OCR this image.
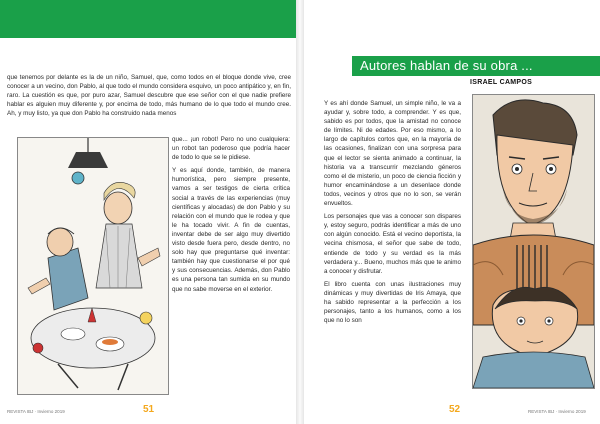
que tenemos por delante es la de un niño, Samuel, que, como todos en el bloque donde vive, cree conocer a un vecino, don Pablo, al que todo el mundo considera esquivo, un poco antipático y, en fin, raro. La cuestión es que, por puro azar, Samuel descubre que ese señor con el que nadie prefiere hablar es alguien muy diferente y, por encima de todo, más humano de lo que todo el mundo cree. Ah, y muy listo, ya que don Pablo ha construido nada menos

que... ¡un robot! Pero no uno cualquiera: un robot tan poderoso que podría hacer de todo lo que se le pidiese.

Y es aquí donde, también, de manera humorística, pero siempre presente, vamos a ser testigos de cierta crítica social a través de las experiencias (muy científicas y alocadas) de don Pablo y su relación con el mundo que le rodea y que le ha tocado vivir. A fin de cuentas, inventar debe de ser algo muy divertido visto desde fuera pero, desde dentro, no solo hay que preguntarse qué inventar: también hay que cuestionarse el por qué y sus consecuencias. Además, don Pablo es una persona tan sumida en su mundo que no sabe moverse en el exterior.

REVISTA IBJ · Invierno 2019	51
Autores hablan de su obra ...
ISRAEL CAMPOS

Y es ahí donde Samuel, un simple niño, le va a ayudar y, sobre todo, a comprender. Y es que, sabido es por todos, que la amistad no conoce de límites. Ni de edades. Por eso mismo, a lo largo de capítulos cortos que, en la mayoría de las ocasiones, finalizan con una sorpresa para que el lector se sienta animado a continuar, la historia va a transcurrir mezclando géneros como el de misterio, un poco de ciencia ficción y humor encaminándose a un desenlace donde todos, vecinos y otros que no lo son, se verán envueltos.

Los personajes que vas a conocer son dispares y, estoy seguro, podrás identificar a más de uno con algún conocido. Está el vecino deportista, la vecina chismosa, el señor que sabe de todo, entiende de todo y su verdad es la más verdadera y... Bueno, muchos más que te animo a conocer y disfrutar.

El libro cuenta con unas ilustraciones muy dinámicas y muy divertidas de Iris Amaya, que ha sabido representar a la perfección a los personajes, tanto a los humanos, como a los que no lo son

REVISTA IBJ · Invierno 2019
52
